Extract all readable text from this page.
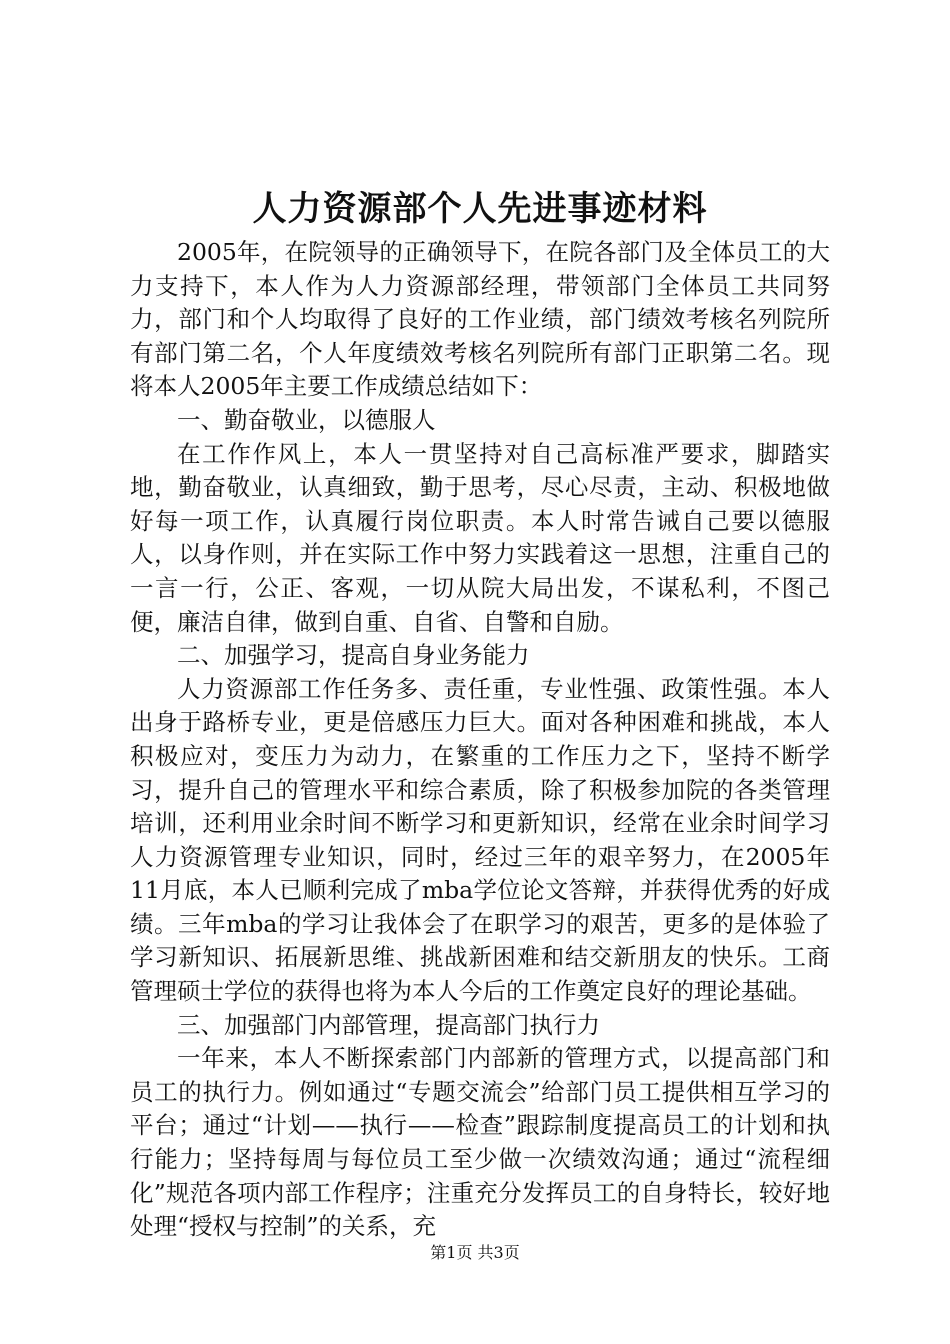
人力资源部个人先进事迹材料

2005年，在院领导的正确领导下，在院各部门及全体员工的大力支持下，本人作为人力资源部经理，带领部门全体员工共同努力，部门和个人均取得了良好的工作业绩，部门绩效考核名列院所有部门第二名，个人年度绩效考核名列院所有部门正职第二名。现将本人2005年主要工作成绩总结如下：

一、勤奋敬业，以德服人

在工作作风上，本人一贯坚持对自己高标准严要求，脚踏实地，勤奋敬业，认真细致，勤于思考，尽心尽责，主动、积极地做好每一项工作，认真履行岗位职责。本人时常告诫自己要以德服人，以身作则，并在实际工作中努力实践着这一思想，注重自己的一言一行，公正、客观，一切从院大局出发，不谋私利，不图己便，廉洁自律，做到自重、自省、自警和自励。

二、加强学习，提高自身业务能力

人力资源部工作任务多、责任重，专业性强、政策性强。本人出身于路桥专业，更是倍感压力巨大。面对各种困难和挑战，本人积极应对，变压力为动力，在繁重的工作压力之下，坚持不断学习，提升自己的管理水平和综合素质，除了积极参加院的各类管理培训，还利用业余时间不断学习和更新知识，经常在业余时间学习人力资源管理专业知识，同时，经过三年的艰辛努力，在2005年11月底，本人已顺利完成了mba学位论文答辩，并获得优秀的好成绩。三年mba的学习让我体会了在职学习的艰苦，更多的是体验了学习新知识、拓展新思维、挑战新困难和结交新朋友的快乐。工商管理硕士学位的获得也将为本人今后的工作奠定良好的理论基础。

三、加强部门内部管理，提高部门执行力

一年来，本人不断探索部门内部新的管理方式，以提高部门和员工的执行力。例如通过“专题交流会”给部门员工提供相互学习的平台；通过“计划——执行——检查”跟踪制度提高员工的计划和执行能力；坚持每周与每位员工至少做一次绩效沟通；通过“流程细化”规范各项内部工作程序；注重充分发挥员工的自身特长，较好地处理“授权与控制”的关系，充

第1页 共3页
